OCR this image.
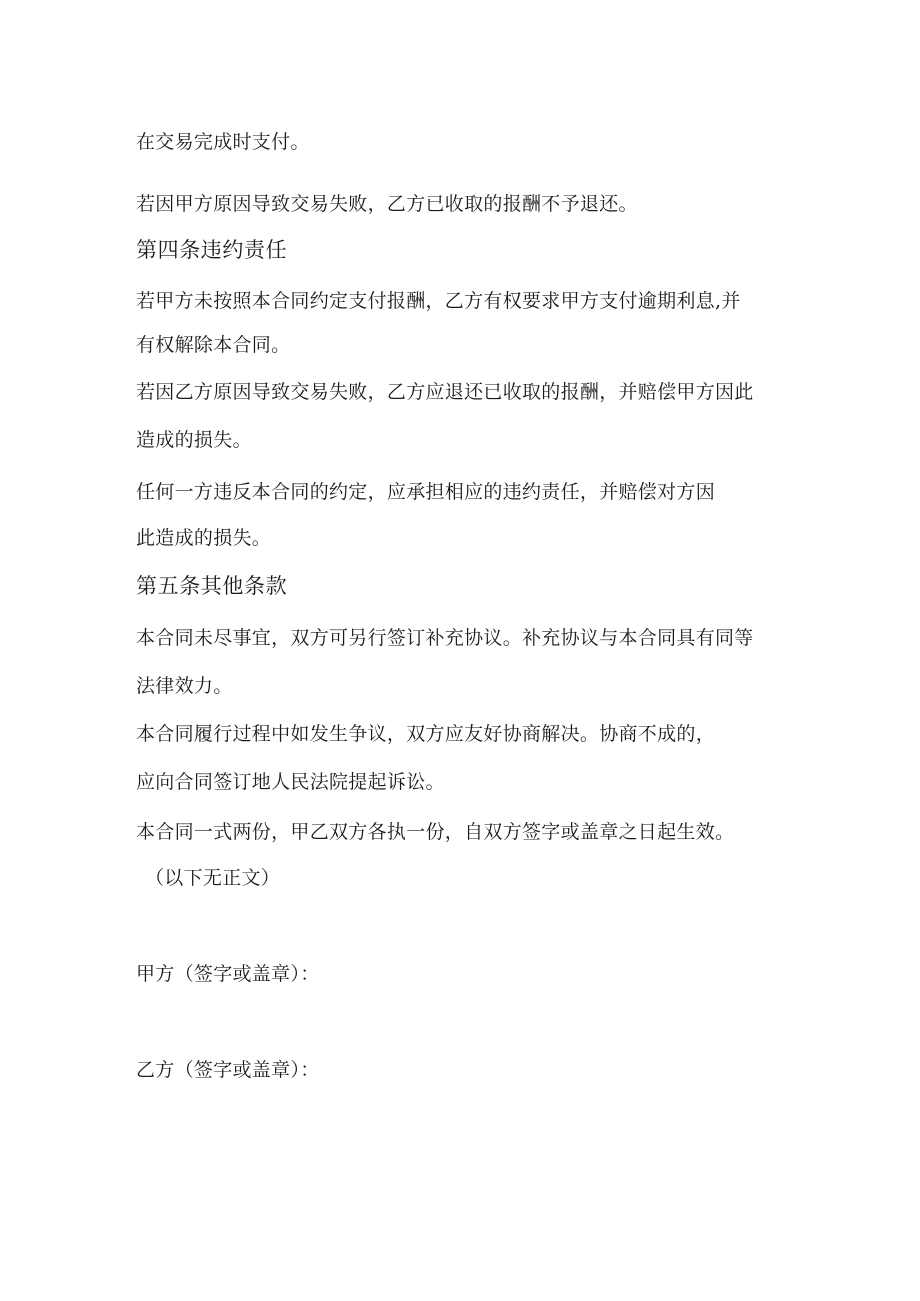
在交易完成时支付。
若因甲方原因导致交易失败，乙方已收取的报酬不予退还。
第四条违约责任
若甲方未按照本合同约定支付报酬，乙方有权要求甲方支付逾期利息,并
有权解除本合同。
若因乙方原因导致交易失败，乙方应退还已收取的报酬，并赔偿甲方因此
造成的损失。
任何一方违反本合同的约定，应承担相应的违约责任，并赔偿对方因
此造成的损失。
第五条其他条款
本合同未尽事宜，双方可另行签订补充协议。补充协议与本合同具有同等
法律效力。
本合同履行过程中如发生争议，双方应友好协商解决。协商不成的，
应向合同签订地人民法院提起诉讼。
本合同一式两份，甲乙双方各执一份，自双方签字或盖章之日起生效。
（以下无正文）
甲方（签字或盖章）：
乙方（签字或盖章）：
